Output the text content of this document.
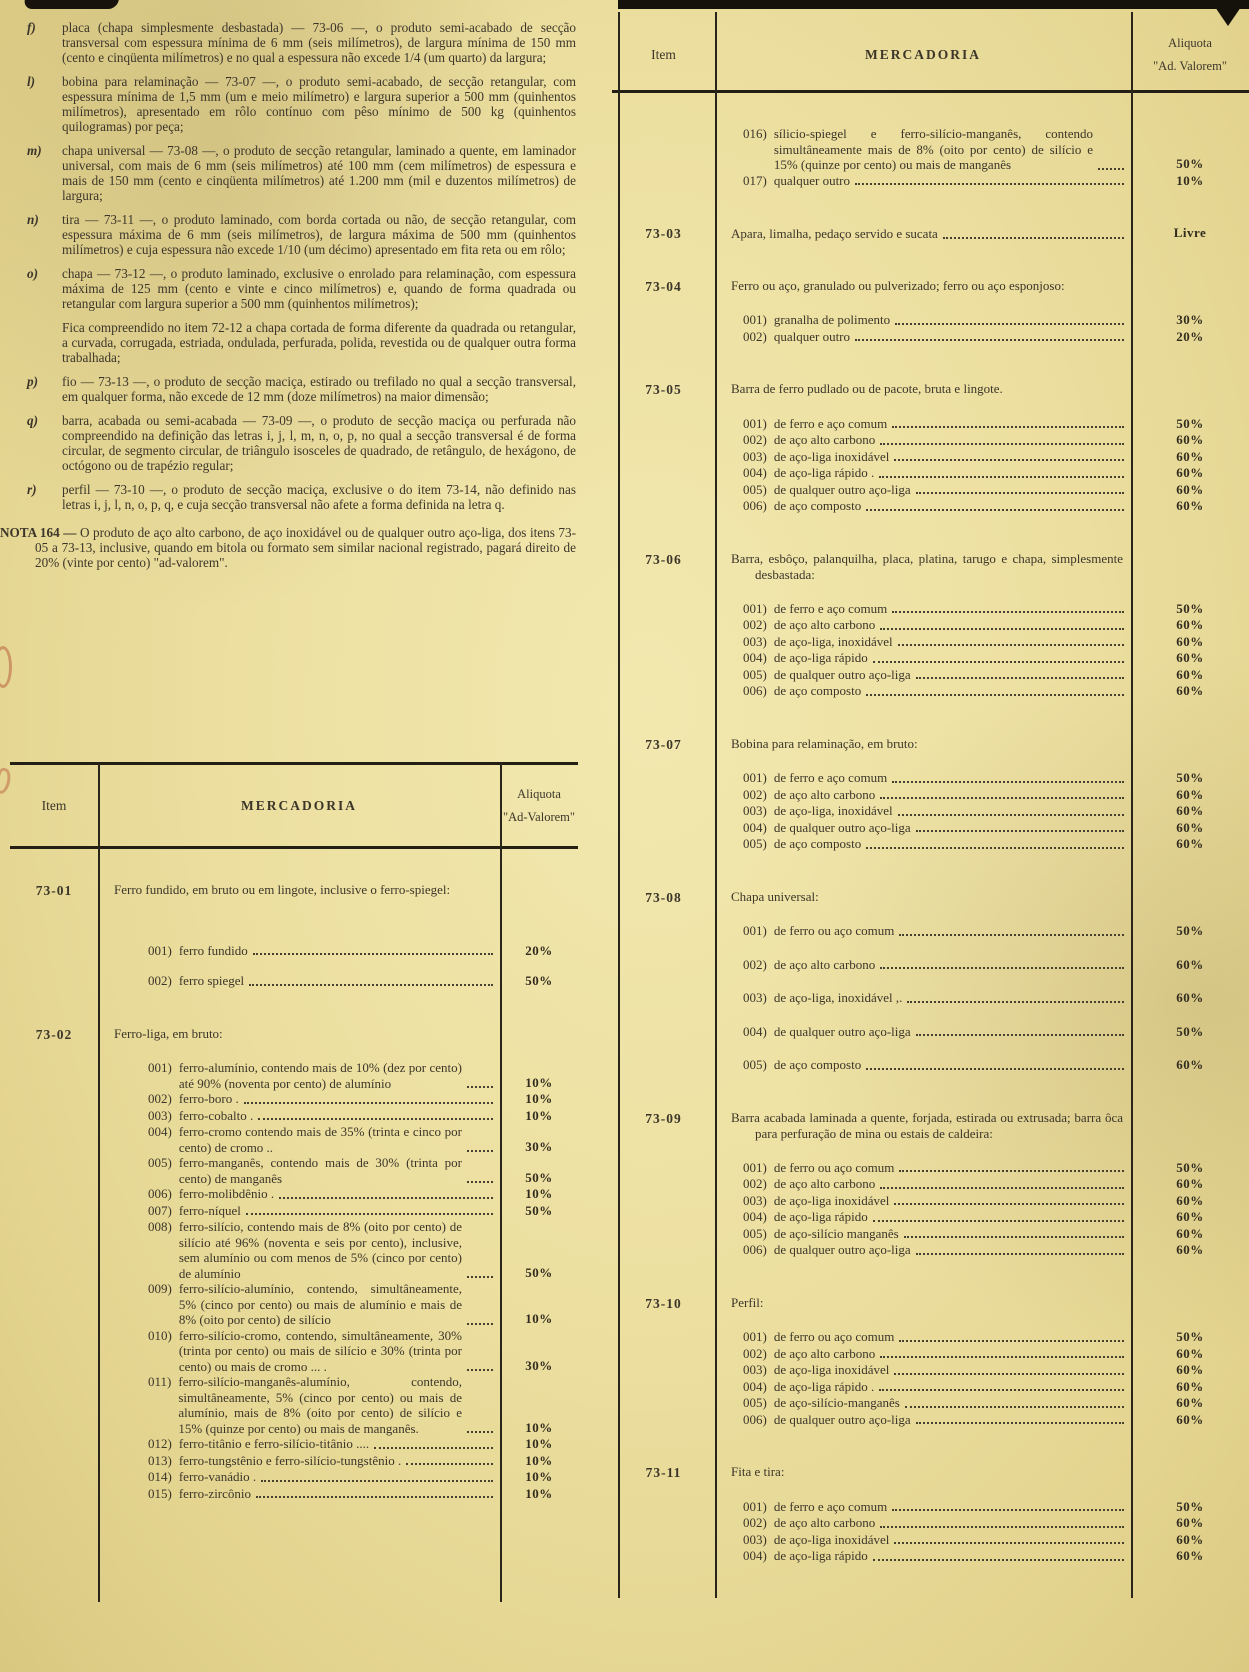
f)	placa (chapa simplesmente desbastada) — 73-06 —, o produto semi-acabado de secção transversal com espessura mínima de 6 mm (seis milímetros), de largura mínima de 150 mm (cento e cinqüenta milímetros) e no qual a espessura não excede 1/4 (um quarto) da largura;
l)	bobina para relaminação — 73-07 —, o produto semi-acabado, de secção retangular, com espessura mínima de 1,5 mm (um e meio milímetro) e largura superior a 500 mm (quinhentos milímetros), apresentado em rôlo contínuo com pêso mínimo de 500 kg (quinhentos quilogramas) por peça;
m)	chapa universal — 73-08 —, o produto de secção retangular, laminado a quente, em laminador universal, com mais de 6 mm (seis milímetros) até 100 mm (cem milímetros) de espessura e mais de 150 mm (cento e cinqüenta milímetros) até 1.200 mm (mil e duzentos milímetros) de largura;
n)	tira — 73-11 —, o produto laminado, com borda cortada ou não, de secção retangular, com espessura máxima de 6 mm (seis milímetros), de largura máxima de 500 mm (quinhentos milímetros) e cuja espessura não excede 1/10 (um décimo) apresentado em fita reta ou em rôlo;
o)	chapa — 73-12 —, o produto laminado, exclusive o enrolado para relaminação, com espessura máxima de 125 mm (cento e vinte e cinco milímetros) e, quando de forma quadrada ou retangular com largura superior a 500 mm (quinhentos milímetros);
Fica compreendido no item 72-12 a chapa cortada de forma diferente da quadrada ou retangular, a curvada, corrugada, estriada, ondulada, perfurada, polida, revestida ou de qualquer outra forma trabalhada;
p)	fio — 73-13 —, o produto de secção maciça, estirado ou trefilado no qual a secção transversal, em qualquer forma, não excede de 12 mm (doze milímetros) na maior dimensão;
q)	barra, acabada ou semi-acabada — 73-09 —, o produto de secção maciça ou perfurada não compreendido na definição das letras i, j, l, m, n, o, p, no qual a secção transversal é de forma circular, de segmento circular, de triângulo isosceles de quadrado, de retângulo, de hexágono, de octógono ou de trapézio regular;
r)	perfil — 73-10 —, o produto de secção maciça, exclusive o do item 73-14, não definido nas letras i, j, l, n, o, p, q, e cuja secção transversal não afete a forma definida na letra q.
NOTA 164 — O produto de aço alto carbono, de aço inoxidável ou de qualquer outro aço-liga, dos itens 73-05 a 73-13, inclusive, quando em bitola ou formato sem similar nacional registrado, pagará direito de 20% (vinte por cento) "ad-valorem".
Item	MERCADORIA
Aliquota
"Ad-Valorem"
73-01	Ferro fundido, em bruto ou em lingote, inclusive o ferro-spiegel:
001) ferro fundido	20%
002) ferro spiegel	50%
73-02	Ferro-liga, em bruto:
001) ferro-alumínio, contendo mais de 10% (dez por cento) até 90% (noventa por cento) de alumínio	10%
002) ferro-boro .	10%
003) ferro-cobalto .	10%
004) ferro-cromo contendo mais de 35% (trinta e cinco por cento) de cromo ..	30%
005) ferro-manganês, contendo mais de 30% (trinta por cento) de manganês	50%
006) ferro-molibdênio .	10%
007) ferro-níquel	50%
008) ferro-silício, contendo mais de 8% (oito por cento) de silício até 96% (noventa e seis por cento), inclusive, sem alumínio ou com menos de 5% (cinco por cento) de alumínio	50%
009) ferro-silício-alumínio, contendo, simultâneamente, 5% (cinco por cento) ou mais de alumínio e mais de 8% (oito por cento) de silício	10%
010) ferro-silício-cromo, contendo, simultâneamente, 30% (trinta por cento) ou mais de silício e 30% (trinta por cento) ou mais de cromo ... .	30%
011) ferro-silício-manganês-alumínio, contendo, simultâneamente, 5% (cinco por cento) ou mais de alumínio, mais de 8% (oito por cento) de silício e 15% (quinze por cento) ou mais de manganês.	10%
012) ferro-titânio e ferro-silício-titânio ....	10%
013) ferro-tungstênio e ferro-silício-tungstênio .	10%
014) ferro-vanádio .	10%
015) ferro-zircônio	10%
Item	MERCADORIA
Aliquota
"Ad. Valorem"
016) sílicio-spiegel e ferro-silício-manganês, contendo simultâneamente mais de 8% (oito por cento) de silício e 15% (quinze por cento) ou mais de manganês	50%
017) qualquer outro	10%
73-03	Apara, limalha, pedaço servido e sucata	Livre
73-04	Ferro ou aço, granulado ou pulverizado; ferro ou aço esponjoso:
001) granalha de polimento	30%
002) qualquer outro	20%
73-05	Barra de ferro pudlado ou de pacote, bruta e lingote.
001) de ferro e aço comum	50%
002) de aço alto carbono	60%
003) de aço-liga inoxidável	60%
004) de aço-liga rápido .	60%
005) de qualquer outro aço-liga	60%
006) de aço composto	60%
73-06	Barra, esbôço, palanquilha, placa, platina, tarugo e chapa, simplesmente desbastada:
001) de ferro e aço comum	50%
002) de aço alto carbono	60%
003) de aço-liga, inoxidável	60%
004) de aço-liga rápido	60%
005) de qualquer outro aço-liga	60%
006) de aço composto	60%
73-07	Bobina para relaminação, em bruto:
001) de ferro e aço comum	50%
002) de aço alto carbono	60%
003) de aço-liga, inoxidável	60%
004) de qualquer outro aço-liga	60%
005) de aço composto	60%
73-08	Chapa universal:
001) de ferro ou aço comum	50%
002) de aço alto carbono	60%
003) de aço-liga, inoxidável ,.	60%
004) de qualquer outro aço-liga	50%
005) de aço composto	60%
73-09	Barra acabada laminada a quente, forjada, estirada ou extrusada; barra ôca para perfuração de mina ou estais de caldeira:
001) de ferro ou aço comum	50%
002) de aço alto carbono	60%
003) de aço-liga inoxidável	60%
004) de aço-liga rápido	60%
005) de aço-silício manganês	60%
006) de qualquer outro aço-liga	60%
73-10	Perfil:
001) de ferro ou aço comum	50%
002) de aço alto carbono	60%
003) de aço-liga inoxidável	60%
004) de aço-liga rápido .	60%
005) de aço-silício-manganês	60%
006) de qualquer outro aço-liga	60%
73-11	Fita e tira:
001) de ferro e aço comum	50%
002) de aço alto carbono	60%
003) de aço-liga inoxidável	60%
004) de aço-liga rápido	60%
